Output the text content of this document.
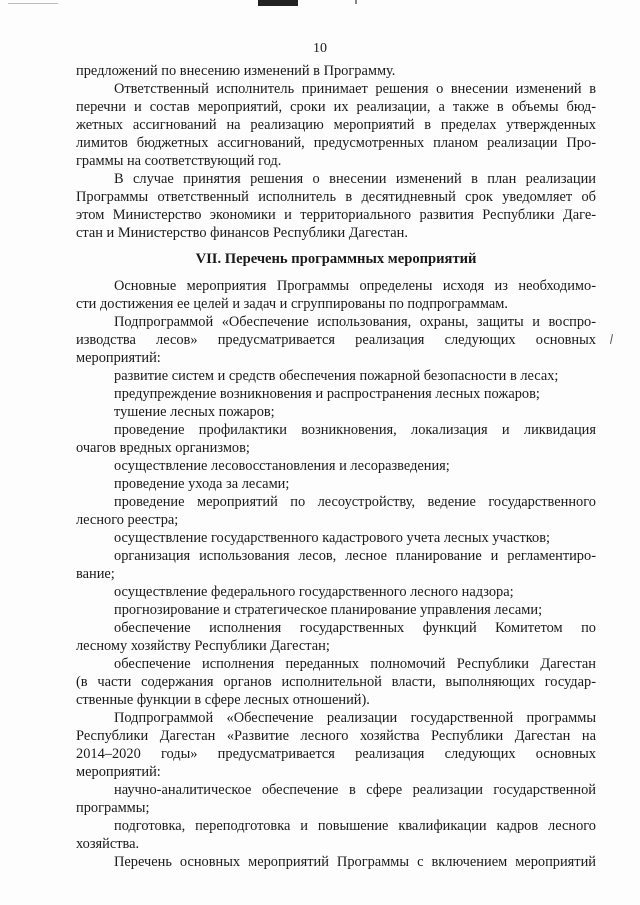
10
предложений по внесению изменений в Программу.
Ответственный исполнитель принимает решения о внесении изменений в
перечни и состав мероприятий, сроки их реализации, а также в объемы бюд-
жетных ассигнований на реализацию мероприятий в пределах утвержденных
лимитов бюджетных ассигнований, предусмотренных планом реализации Про-
граммы на соответствующий год.
В случае принятия решения о внесении изменений в план реализации
Программы ответственный исполнитель в десятидневный срок уведомляет об
этом Министерство экономики и территориального развития Республики Даге-
стан и Министерство финансов Республики Дагестан.
VII. Перечень программных мероприятий
Основные мероприятия Программы определены исходя из необходимо-
сти достижения ее целей и задач и сгруппированы по подпрограммам.
Подпрограммой «Обеспечение использования, охраны, защиты и воспро-
изводства лесов» предусматривается реализация следующих основных
мероприятий:
развитие систем и средств обеспечения пожарной безопасности в лесах;
предупреждение возникновения и распространения лесных пожаров;
тушение лесных пожаров;
проведение профилактики возникновения, локализация и ликвидация
очагов вредных организмов;
осуществление лесовосстановления и лесоразведения;
проведение ухода за лесами;
проведение мероприятий по лесоустройству, ведение государственного
лесного реестра;
осуществление государственного кадастрового учета лесных участков;
организация использования лесов, лесное планирование и регламентиро-
вание;
осуществление федерального государственного лесного надзора;
прогнозирование и стратегическое планирование управления лесами;
обеспечение исполнения государственных функций Комитетом по
лесному хозяйству Республики Дагестан;
обеспечение исполнения переданных полномочий Республики Дагестан
(в части содержания органов исполнительной власти, выполняющих государ-
ственные функции в сфере лесных отношений).
Подпрограммой «Обеспечение реализации государственной программы
Республики Дагестан «Развитие лесного хозяйства Республики Дагестан на
2014–2020 годы» предусматривается реализация следующих основных
мероприятий:
научно-аналитическое обеспечение в сфере реализации государственной
программы;
подготовка, переподготовка и повышение квалификации кадров лесного
хозяйства.
Перечень основных мероприятий Программы с включением мероприятий
